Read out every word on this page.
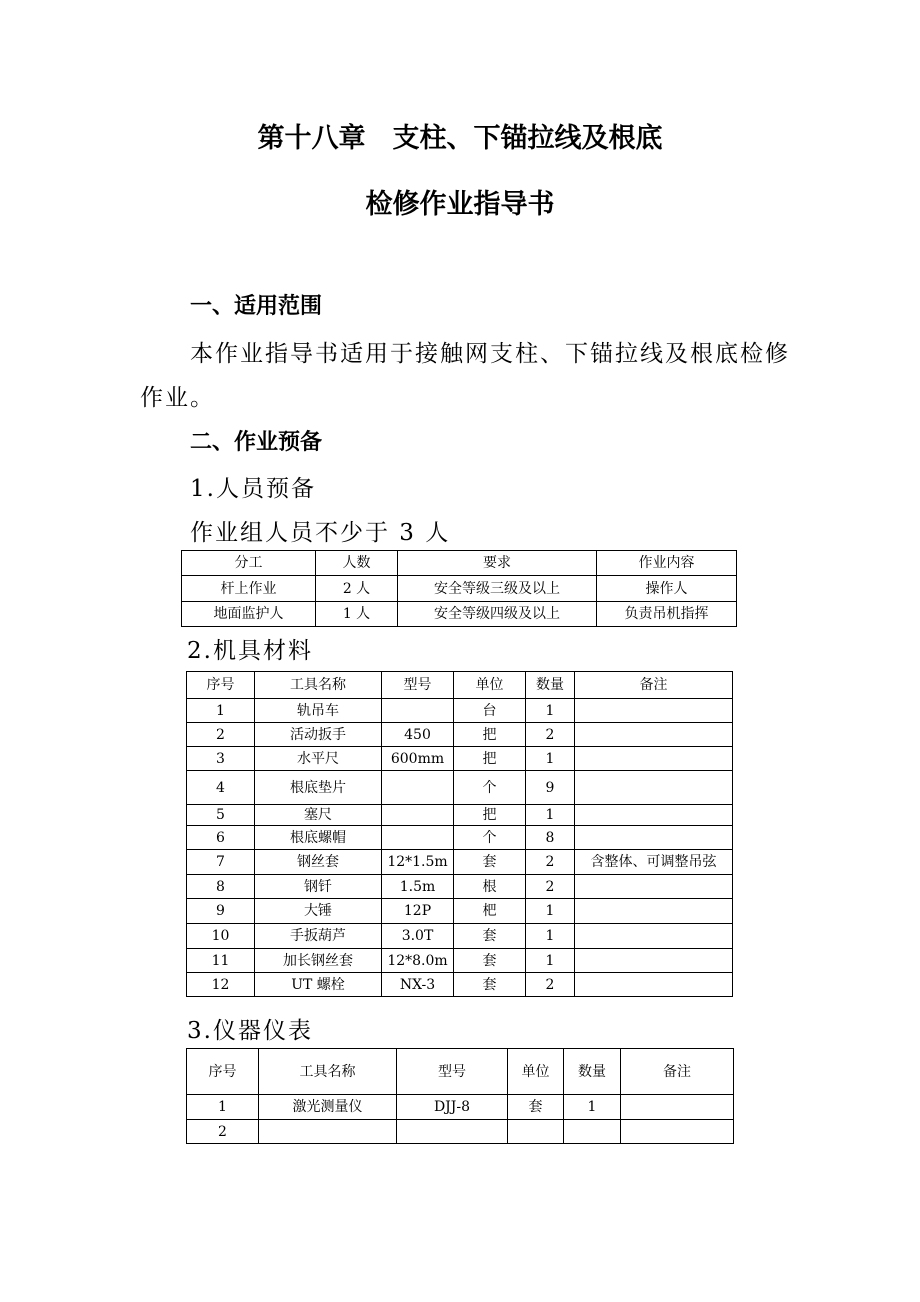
第十八章　支柱、下锚拉线及根底
检修作业指导书
一、适用范围
本作业指导书适用于接触网支柱、下锚拉线及根底检修
作业。
二、作业预备
1.人员预备
作业组人员不少于 3 人
分工	人数	要求	作业内容
杆上作业	2 人	安全等级三级及以上	操作人
地面监护人	1 人	安全等级四级及以上	负责吊机指挥
2.机具材料
序号	工具名称	型号	单位	数量	备注
1	轨吊车		台	1	
2	活动扳手	450	把	2	
3	水平尺	600mm	把	1	
4	根底垫片		个	9	
5	塞尺		把	1	
6	根底螺帽		个	8	
7	钢丝套	12*1.5m	套	2	含整体、可调整吊弦
8	钢钎	1.5m	根	2	
9	大锤	12P	杷	1	
10	手扳葫芦	3.0T	套	1	
11	加长钢丝套	12*8.0m	套	1	
12	UT 螺栓	NX-3	套	2	
3.仪器仪表
序号	工具名称	型号	单位	数量	备注
1	激光测量仪	DJJ-8	套	1	
2					
